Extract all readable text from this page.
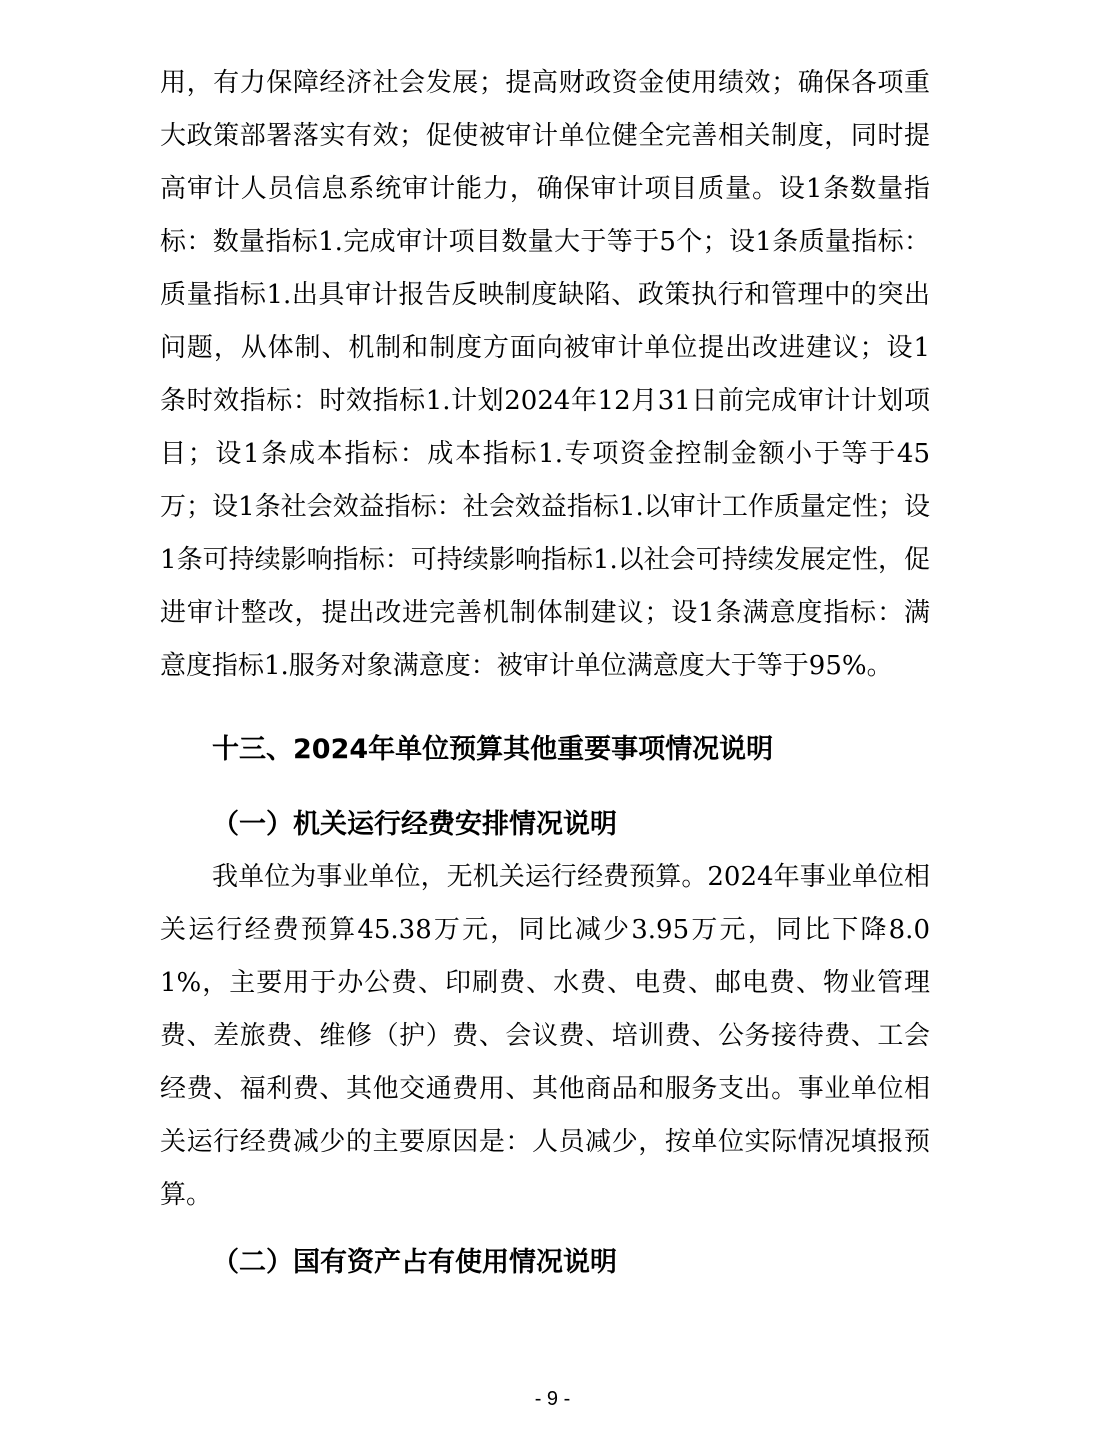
用，有力保障经济社会发展；提高财政资金使用绩效；确保各项重大政策部署落实有效；促使被审计单位健全完善相关制度，同时提高审计人员信息系统审计能力，确保审计项目质量。设1条数量指标：数量指标1.完成审计项目数量大于等于5个；设1条质量指标：质量指标1.出具审计报告反映制度缺陷、政策执行和管理中的突出问题，从体制、机制和制度方面向被审计单位提出改进建议；设1条时效指标：时效指标1.计划2024年12月31日前完成审计计划项目；设1条成本指标：成本指标1.专项资金控制金额小于等于45万；设1条社会效益指标：社会效益指标1.以审计工作质量定性；设1条可持续影响指标：可持续影响指标1.以社会可持续发展定性，促进审计整改，提出改进完善机制体制建议；设1条满意度指标：满意度指标1.服务对象满意度：被审计单位满意度大于等于95%。

十三、2024年单位预算其他重要事项情况说明
（一）机关运行经费安排情况说明

我单位为事业单位，无机关运行经费预算。2024年事业单位相关运行经费预算45.38万元，同比减少3.95万元，同比下降8.01%，主要用于办公费、印刷费、水费、电费、邮电费、物业管理费、差旅费、维修（护）费、会议费、培训费、公务接待费、工会经费、福利费、其他交通费用、其他商品和服务支出。事业单位相关运行经费减少的主要原因是：人员减少，按单位实际情况填报预算。

（二）国有资产占有使用情况说明
- 9 -
